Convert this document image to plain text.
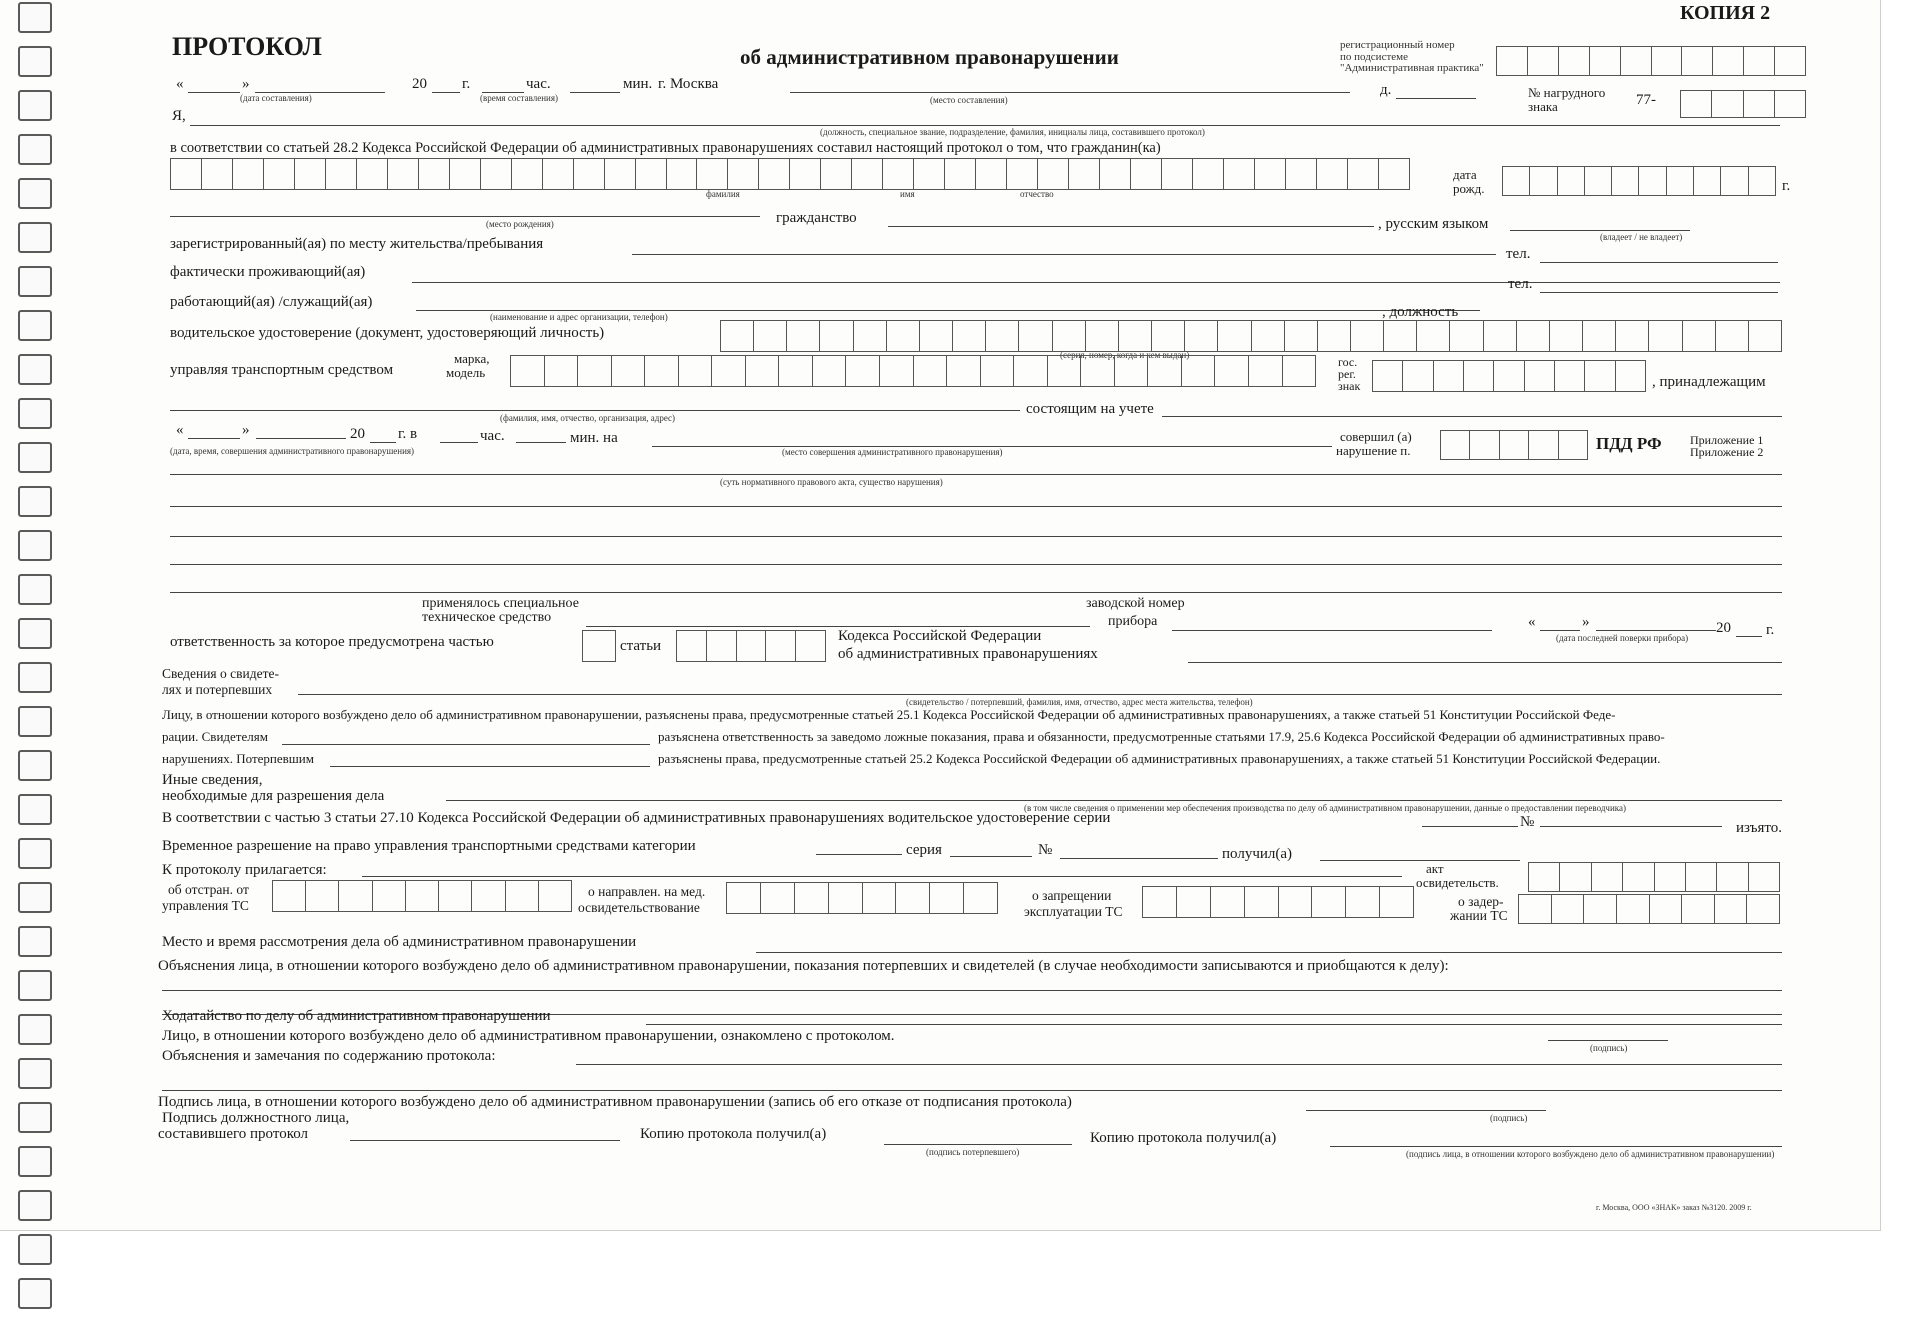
КОПИЯ 2
ПРОТОКОЛ	об административном правонарушении	регистрационный номер
по подсистеме "Административная практика"
«	»	20 г.	час.	мин. г. Москва	д.
(дата составления)	(время составления)	(место составления)	№ нагрудного
знака	77-
Я,
(должность, специальное звание, подразделение, фамилия, инициалы лица, составившего протокол)
в соответствии со статьей 28.2 Кодекса Российской Федерации об административных правонарушениях составил настоящий протокол о том, что гражданин(ка)
фамилия	имя	отчество
дата
рожд.	г.
(место рождения)	гражданство	, русским языком
(владеет / не владеет)
зарегистрированный(ая) по месту жительства/пребывания
тел.
фактически проживающий(ая)
работающий(ая) /служащий(ая)
тел.
(наименование и адрес организации, телефон)	, должность
водительское удостоверение (документ, удостоверяющий личность)
(серия, номер, когда и кем выдан)
управляя транспортным средством
марка,
модель
гос.
рег.
знак	, принадлежащим
(фамилия, имя, отчество, организация, адрес)
состоящим на учете
«	»	20 г. в	час.	мин. на
(дата, время, совершения административного правонарушения)	(место совершения административного правонарушения)
совершил (а)
нарушение п.	ПДД РФ Приложение 1
Приложение 2
(суть нормативного правового акта, существо нарушения)
применялось специальное
техническое средство
заводской номер
прибора	«	»	20 г.
(дата последней поверки прибора)
ответственность за которое предусмотрена частью	статьи
Кодекса Российской Федерации
об административных правонарушениях
Сведения о свидете-
лях и потерпевших
(свидетельство / потерпевший, фамилия, имя, отчество, адрес места жительства, телефон)
Лицу, в отношении которого возбуждено дело об административном правонарушении, разъяснены права, предусмотренные статьей 25.1 Кодекса Российской Федерации об административных правонарушениях, а также статьей 51 Конституции Российской Феде-
рации. Свидетелям	разъяснена ответственность за заведомо ложные показания, права и обязанности, предусмотренные статьями 17.9, 25.6 Кодекса Российской Федерации об административных право-
нарушениях. Потерпевшим	разъяснены права, предусмотренные статьей 25.2 Кодекса Российской Федерации об административных правонарушениях, а также статьей 51 Конституции Российской Федерации.
Иные сведения,
необходимые для разрешения дела
(в том числе сведения о применении мер обеспечения производства по делу об административном правонарушении, данные о предоставлении переводчика)
В соответствии с частью 3 статьи 27.10 Кодекса Российской Федерации об административных правонарушениях водительское удостоверение серии	№	изъято.
Временное разрешение на право управления транспортными средствами категории	серия	№	получил(а)
К протоколу прилагается:	акт
освидетельств.
об отстран. от
управления ТС
о направлен. на мед.
освидетельствование
о запрещении
эксплуатации ТС
о задер-
жании ТС
Место и время рассмотрения дела об административном правонарушении
Объяснения лица, в отношении которого возбуждено дело об административном правонарушении, показания потерпевших и свидетелей (в случае необходимости записываются и приобщаются к делу):
Ходатайство по делу об административном правонарушении
Лицо, в отношении которого возбуждено дело об административном правонарушении, ознакомлено с протоколом.
(подпись)
Объяснения и замечания по содержанию протокола:
Подпись лица, в отношении которого возбуждено дело об административном правонарушении (запись об его отказе от подписания протокола)
(подпись)
Подпись должностного лица,
составившего протокол	Копию протокола получил(а)
(подпись потерпевшего)
Копию протокола получил(а)
(подпись лица, в отношении которого возбуждено дело об административном правонарушении)
г. Москва, ООО «ЗНАК» заказ №3120. 2009 г.
